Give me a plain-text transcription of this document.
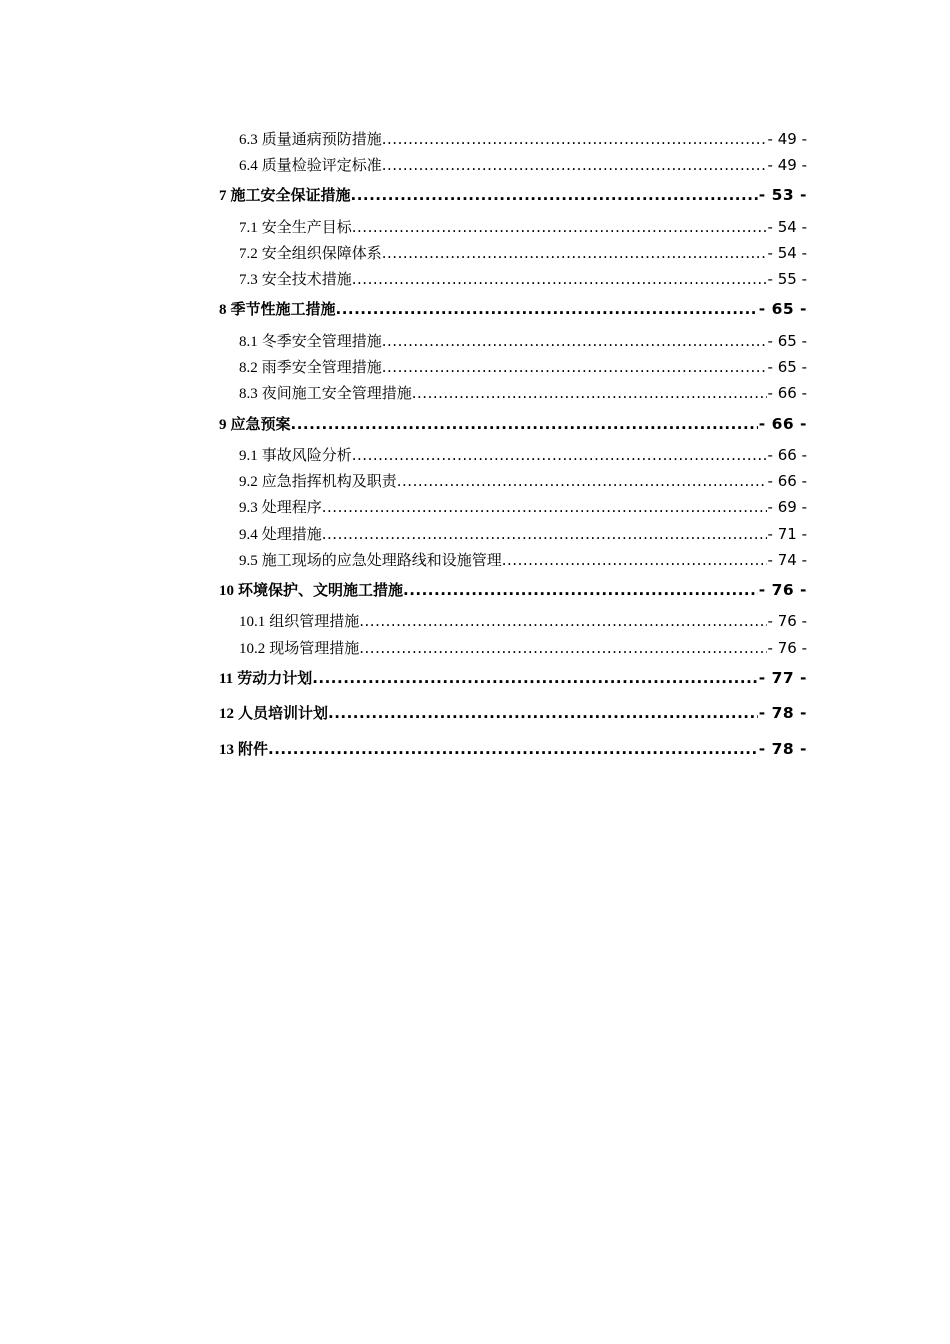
6.3 质量通病预防措施 .....	- 49 -
6.4 质量检验评定标准 .....	- 49 -
7 施工安全保证措施 .....	- 53 -
7.1 安全生产目标 .....	- 54 -
7.2 安全组织保障体系 .....	- 54 -
7.3 安全技术措施 .....	- 55 -
8 季节性施工措施 .....	- 65 -
8.1 冬季安全管理措施 .....	- 65 -
8.2 雨季安全管理措施 .....	- 65 -
8.3 夜间施工安全管理措施 .....	- 66 -
9 应急预案 .....	- 66 -
9.1 事故风险分析 .....	- 66 -
9.2 应急指挥机构及职责 .....	- 66 -
9.3 处理程序 .....	- 69 -
9.4 处理措施 .....	- 71 -
9.5 施工现场的应急处理路线和设施管理 .....	- 74 -
10 环境保护、文明施工措施 .....	- 76 -
10.1 组织管理措施 .....	- 76 -
10.2 现场管理措施 .....	- 76 -
11 劳动力计划 .....	- 77 -
12 人员培训计划 .....	- 78 -
13 附件 .....	- 78 -
